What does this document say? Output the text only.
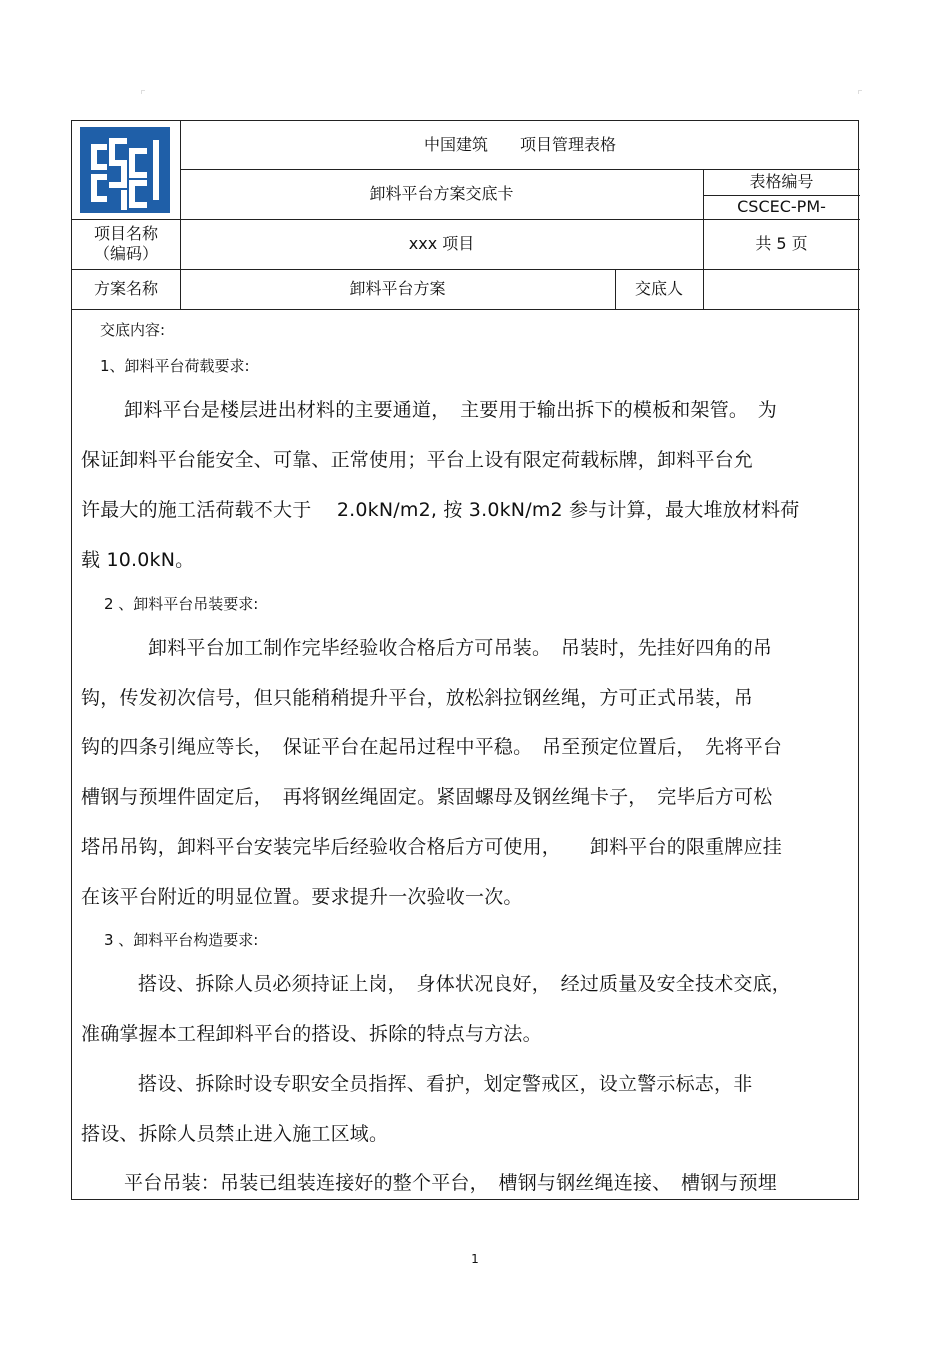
中国建筑　　项目管理表格
卸料平台方案交底卡
表格编号
CSCEC-PM-
项目名称
（编码）
xxx 项目	共 5 页
方案名称	卸料平台方案	交底人
交底内容:
1、卸料平台荷载要求:
卸料平台是楼层进出材料的主要通道，　主要用于输出拆下的模板和架管。　为
保证卸料平台能安全、可靠、正常使用；平台上设有限定荷载标牌，卸料平台允
许最大的施工活荷载不大于　 2.0kN/m2, 按 3.0kN/m2 参与计算，最大堆放材料荷
载 10.0kN。
2 、卸料平台吊装要求:
卸料平台加工制作完毕经验收合格后方可吊装。　吊装时，先挂好四角的吊
钩，传发初次信号，但只能稍稍提升平台，放松斜拉钢丝绳，方可正式吊装，吊
钩的四条引绳应等长，　保证平台在起吊过程中平稳。　吊至预定位置后，　先将平台
槽钢与预埋件固定后，　再将钢丝绳固定。紧固螺母及钢丝绳卡子，　完毕后方可松
塔吊吊钩，卸料平台安装完毕后经验收合格后方可使用，　　卸料平台的限重牌应挂
在该平台附近的明显位置。要求提升一次验收一次。
3 、卸料平台构造要求:
搭设、拆除人员必须持证上岗，　身体状况良好，　经过质量及安全技术交底，
准确掌握本工程卸料平台的搭设、拆除的特点与方法。
搭设、拆除时设专职安全员指挥、看护，划定警戒区，设立警示标志，非
搭设、拆除人员禁止进入施工区域。
平台吊装：吊装已组装连接好的整个平台，　槽钢与钢丝绳连接、　槽钢与预埋
1
